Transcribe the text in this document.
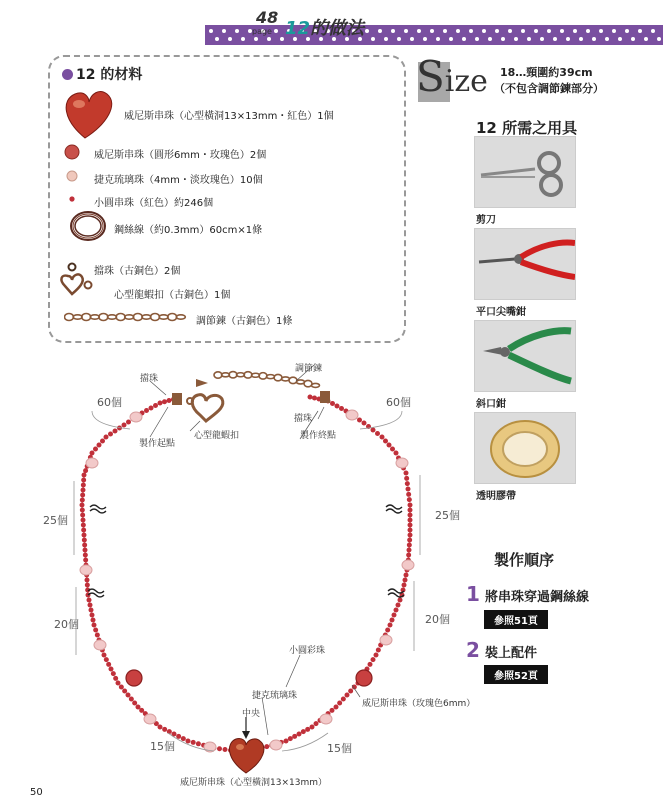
48
page 12的做法
12 的材料
威尼斯串珠（心型橫洞13×13mm・紅色）1個
威尼斯串珠（圓形6mm・玫瑰色）2個
捷克琉璃珠（4mm・淡玫瑰色）10個
小圓串珠（紅色）約246個
鋼絲線（約0.3mm）60cm×1條
擋珠（古銅色）2個
心型龍蝦扣（古銅色）1個
調節鍊（古銅色）1條
Size 18…頸圍約39cm
（不包含調節鍊部分）
12 所需之用具
剪刀
平口尖嘴鉗
斜口鉗
透明膠帶
擋珠
製作起點
心型龍蝦扣
調節鍊
擋珠
製作終點
小圓彩珠
捷克琉璃珠
中央
威尼斯串珠（玫瑰色6mm）
威尼斯串珠（心型橫洞13×13mm）
60個	60個
25個	25個
20個	20個
15個	15個
製作順序
1 將串珠穿過鋼絲線
參照51頁
2 裝上配件
參照52頁
50
